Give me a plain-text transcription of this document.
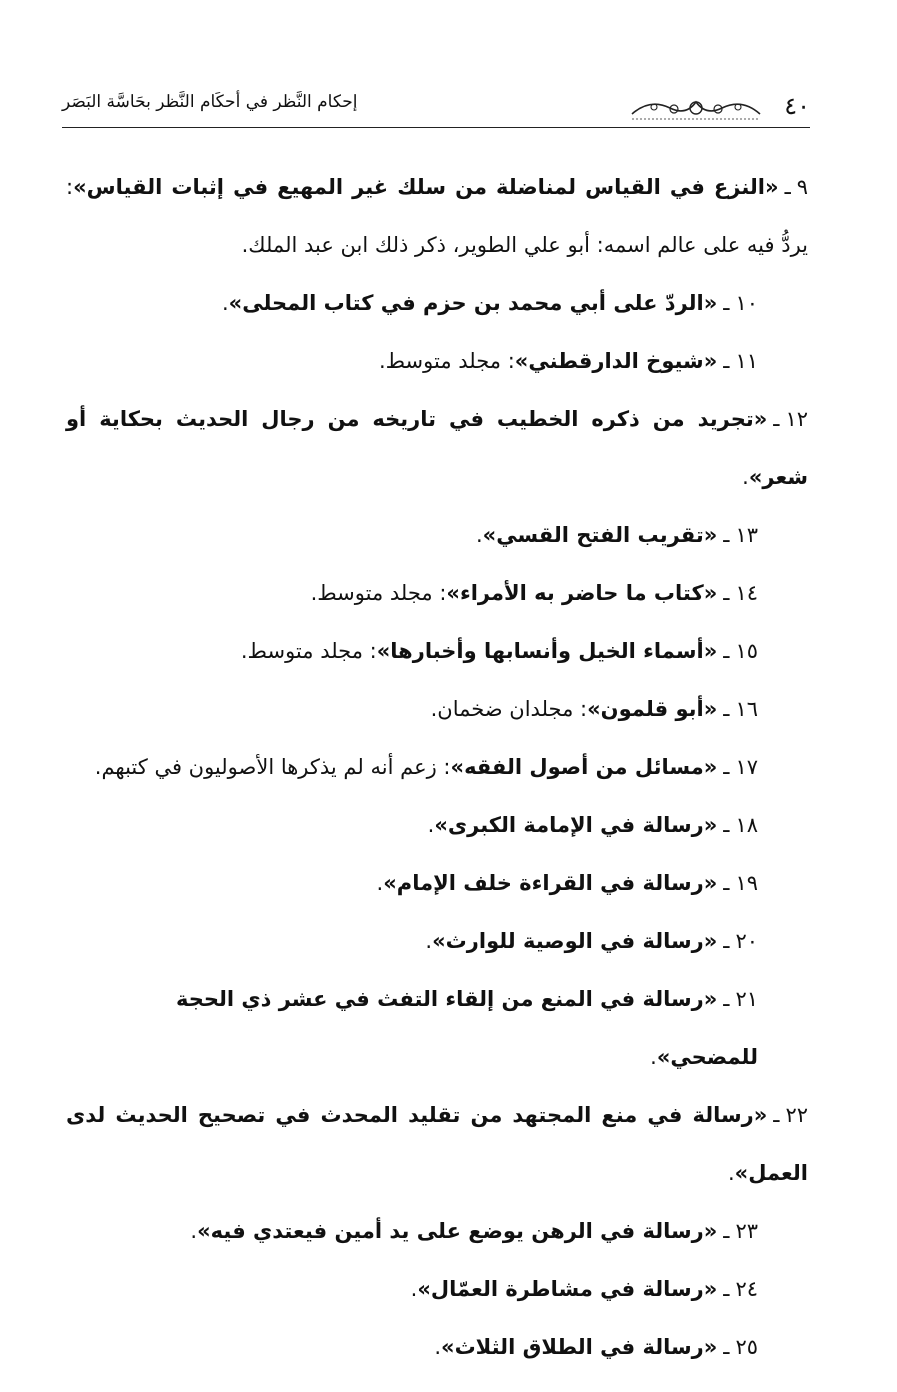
٤٠
إحكام النَّظر في أحكَام النَّظر بحَاسَّة البَصَر
٩ـ«النزع في القياس لمناضلة من سلك غير المهيع في إثبات القياس»: يردُّ فيه على عالم اسمه: أبو علي الطوير، ذكر ذلك ابن عبد الملك.
١٠ـ«الردّ على أبي محمد بن حزم في كتاب المحلى».
١١ـ«شيوخ الدارقطني»: مجلد متوسط.
١٢ـ«تجريد من ذكره الخطيب في تاريخه من رجال الحديث بحكاية أو شعر».
١٣ـ«تقريب الفتح القسي».
١٤ـ«كتاب ما حاضر به الأمراء»: مجلد متوسط.
١٥ـ«أسماء الخيل وأنسابها وأخبارها»: مجلد متوسط.
١٦ـ«أبو قلمون»: مجلدان ضخمان.
١٧ـ«مسائل من أصول الفقه»: زعم أنه لم يذكرها الأصوليون في كتبهم.
١٨ـ«رسالة في الإمامة الكبرى».
١٩ـ«رسالة في القراءة خلف الإمام».
٢٠ـ«رسالة في الوصية للوارث».
٢١ـ«رسالة في المنع من إلقاء التفث في عشر ذي الحجة للمضحي».
٢٢ـ«رسالة في منع المجتهد من تقليد المحدث في تصحيح الحديث لدى العمل».
٢٣ـ«رسالة في الرهن يوضع على يد أمين فيعتدي فيه».
٢٤ـ«رسالة في مشاطرة العمّال».
٢٥ـ«رسالة في الطلاق الثلاث».
